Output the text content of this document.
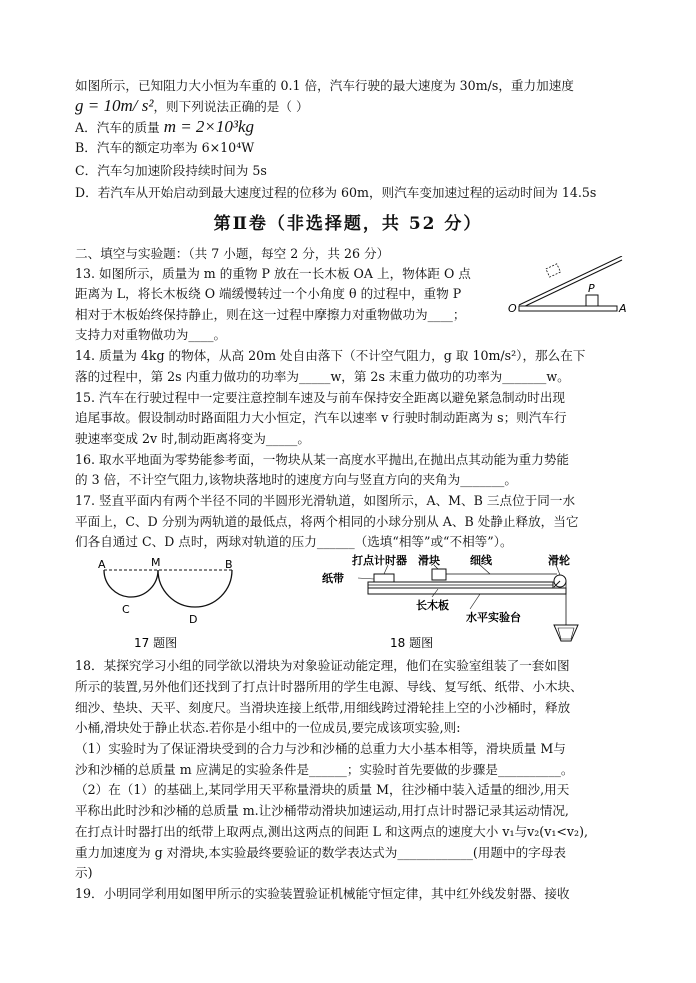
如图所示，已知阻力大小恒为车重的 0.1 倍，汽车行驶的最大速度为 30m/s，重力加速度
g = 10m/ s²，则下列说法正确的是（ ）
A．汽车的质量 m = 2×10³kg
B．汽车的额定功率为 6×10⁴W
C．汽车匀加速阶段持续时间为 5s
D．若汽车从开始启动到最大速度过程的位移为 60m，则汽车变加速过程的运动时间为 14.5s
第Ⅱ卷（非选择题，共 52 分）
二、填空与实验题：（共 7 小题，每空 2 分，共 26 分）
13. 如图所示，质量为 m 的重物 P 放在一长木板 OA 上，物体距 O 点
距离为 L，将长木板绕 O 端缓慢转过一个小角度 θ 的过程中，重物 P
相对于木板始终保持静止，则在这一过程中摩擦力对重物做功为____；
支持力对重物做功为____。
O	A
P
14. 质量为 4kg 的物体，从高 20m 处自由落下（不计空气阻力，g 取 10m/s²），那么在下
落的过程中，第 2s 内重力做功的功率为_____w，第 2s 末重力做功的功率为_______w。
15. 汽车在行驶过程中一定要注意控制车速及与前车保持安全距离以避免紧急制动时出现
追尾事故。假设制动时路面阻力大小恒定，汽车以速率 v 行驶时制动距离为 s；则汽车行
驶速率变成 2v 时,制动距离将变为_____。
16. 取水平地面为零势能参考面，一物块从某一高度水平抛出,在抛出点其动能为重力势能
的 3 倍，不计空气阻力,该物块落地时的速度方向与竖直方向的夹角为_______。
17. 竖直平面内有两个半径不同的半圆形光滑轨道，如图所示，A、M、B 三点位于同一水
平面上，C、D 分别为两轨道的最低点，将两个相同的小球分别从 A、B 处静止释放，当它
们各自通过 C、D 点时，两球对轨道的压力______（选填“相等”或“不相等”）。
A	M	B
C
D
17 题图
打点计时器 滑块	细线	滑轮
纸带
长木板
水平实验台
18 题图
18．某探究学习小组的同学欲以滑块为对象验证动能定理，他们在实验室组装了一套如图
所示的装置,另外他们还找到了打点计时器所用的学生电源、导线、复写纸、纸带、小木块、
细沙、垫块、天平、刻度尺。当滑块连接上纸带,用细线跨过滑轮挂上空的小沙桶时，释放
小桶,滑块处于静止状态.若你是小组中的一位成员,要完成该项实验,则:
（1）实验时为了保证滑块受到的合力与沙和沙桶的总重力大小基本相等，滑块质量 M与
沙和沙桶的总质量 m 应满足的实验条件是______；实验时首先要做的步骤是__________。
（2）在（1）的基础上,某同学用天平称量滑块的质量 M，往沙桶中装入适量的细沙,用天
平称出此时沙和沙桶的总质量 m.让沙桶带动滑块加速运动,用打点计时器记录其运动情况,
在打点计时器打出的纸带上取两点,测出这两点的间距 L 和这两点的速度大小 v₁与v₂(v₁<v₂),
重力加速度为 g 对滑块,本实验最终要验证的数学表达式为____________(用题中的字母表
示)
19．小明同学利用如图甲所示的实验装置验证机械能守恒定律，其中红外线发射器、接收
